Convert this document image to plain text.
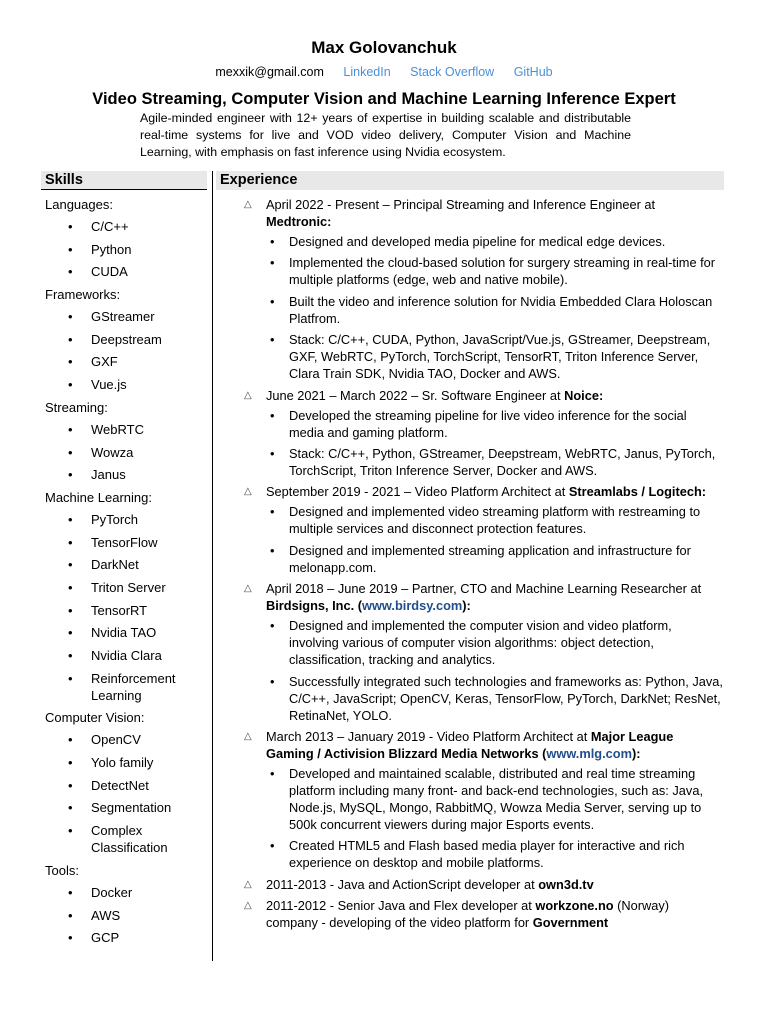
Max Golovanchuk
mexxik@gmail.com LinkedIn Stack Overflow GitHub
Video Streaming, Computer Vision and Machine Learning Inference Expert
Agile-minded engineer with 12+ years of expertise in building scalable and distributable real-time systems for live and VOD video delivery, Computer Vision and Machine Learning, with emphasis on fast inference using Nvidia ecosystem.
Skills	Experience
Languages:
• C/C++
• Python
• CUDA
Frameworks:
• GStreamer
• Deepstream
• GXF
• Vue.js
Streaming:
• WebRTC
• Wowza
• Janus
Machine Learning:
• PyTorch
• TensorFlow
• DarkNet
• Triton Server
• TensorRT
• Nvidia TAO
• Nvidia Clara
• Reinforcement Learning
Computer Vision:
• OpenCV
• Yolo family
• DetectNet
• Segmentation
• Complex Classification
Tools:
• Docker
• AWS
• GCP
△ April 2022 - Present – Principal Streaming and Inference Engineer at Medtronic:
• Designed and developed media pipeline for medical edge devices.
• Implemented the cloud-based solution for surgery streaming in real-time for multiple platforms (edge, web and native mobile).
• Built the video and inference solution for Nvidia Embedded Clara Holoscan Platfrom.
• Stack: C/C++, CUDA, Python, JavaScript/Vue.js, GStreamer, Deepstream, GXF, WebRTC, PyTorch, TorchScript, TensorRT, Triton Inference Server, Clara Train SDK, Nvidia TAO, Docker and AWS.
△ June 2021 – March 2022 – Sr. Software Engineer at Noice:
• Developed the streaming pipeline for live video inference for the social media and gaming platform.
• Stack: C/C++, Python, GStreamer, Deepstream, WebRTC, Janus, PyTorch, TorchScript, Triton Inference Server, Docker and AWS.
△ September 2019 - 2021 – Video Platform Architect at Streamlabs / Logitech:
• Designed and implemented video streaming platform with restreaming to multiple services and disconnect protection features.
• Designed and implemented streaming application and infrastructure for melonapp.com.
△ April 2018 – June 2019 – Partner, CTO and Machine Learning Researcher at Birdsigns, Inc. (www.birdsy.com):
• Designed and implemented the computer vision and video platform, involving various of computer vision algorithms: object detection, classification, tracking and analytics.
• Successfully integrated such technologies and frameworks as: Python, Java, C/C++, JavaScript; OpenCV, Keras, TensorFlow, PyTorch, DarkNet; ResNet, RetinaNet, YOLO.
△ March 2013 – January 2019 - Video Platform Architect at Major League Gaming / Activision Blizzard Media Networks (www.mlg.com):
• Developed and maintained scalable, distributed and real time streaming platform including many front- and back-end technologies, such as: Java, Node.js, MySQL, Mongo, RabbitMQ, Wowza Media Server, serving up to 500k concurrent viewers during major Esports events.
• Created HTML5 and Flash based media player for interactive and rich experience on desktop and mobile platforms.
△ 2011-2013 - Java and ActionScript developer at own3d.tv
△ 2011-2012 - Senior Java and Flex developer at workzone.no (Norway) company - developing of the video platform for Government
